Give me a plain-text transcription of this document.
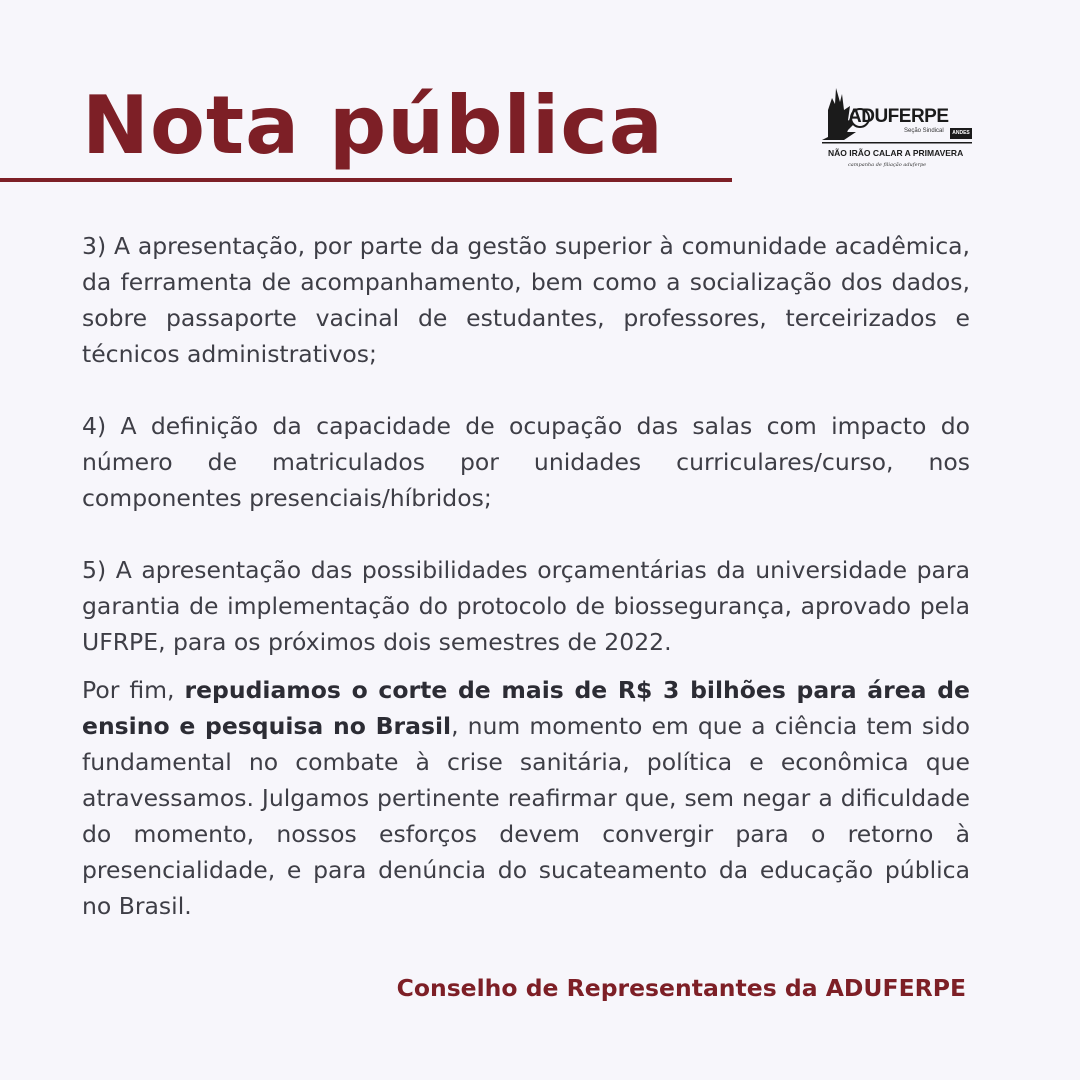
Nota pública	ADUFERPE
Seção Sindical	ANDES
NÃO IRÃO CALAR A PRIMAVERA
campanha de filiação aduferpe

3) A apresentação, por parte da gestão superior à comunidade acadêmica, da ferramenta de acompanhamento, bem como a socialização dos dados, sobre passaporte vacinal de estudantes, professores, terceirizados e técnicos administrativos;

4) A definição da capacidade de ocupação das salas com impacto do número de matriculados por unidades curriculares/curso, nos componentes presenciais/híbridos;

5) A apresentação das possibilidades orçamentárias da universidade para garantia de implementação do protocolo de biossegurança, aprovado pela UFRPE, para os próximos dois semestres de 2022.

Por fim, repudiamos o corte de mais de R$ 3 bilhões para área de ensino e pesquisa no Brasil, num momento em que a ciência tem sido fundamental no combate à crise sanitária, política e econômica que atravessamos. Julgamos pertinente reafirmar que, sem negar a dificuldade do momento, nossos esforços devem convergir para o retorno à presencialidade, e para denúncia do sucateamento da educação pública no Brasil.

Conselho de Representantes da ADUFERPE
